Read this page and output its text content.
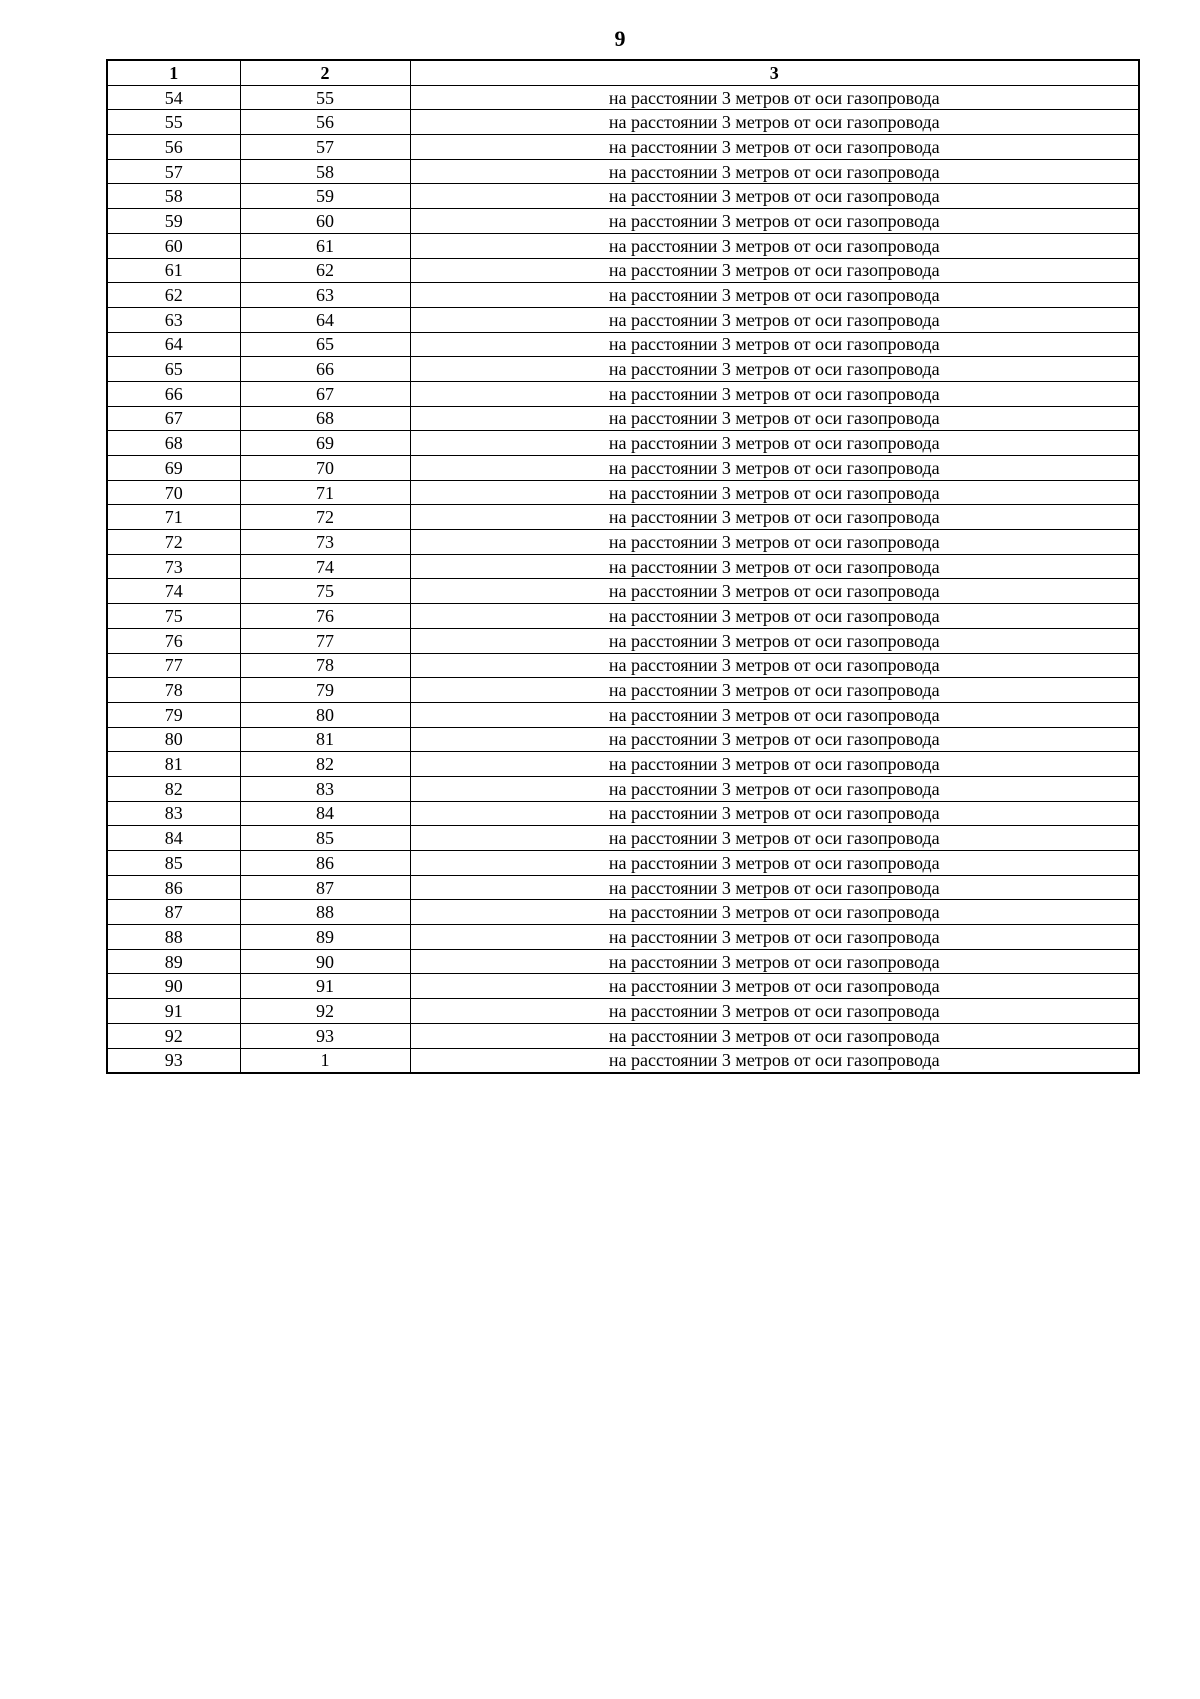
9
1	2	3
54	55	на расстоянии 3 метров от оси газопровода
55	56	на расстоянии 3 метров от оси газопровода
56	57	на расстоянии 3 метров от оси газопровода
57	58	на расстоянии 3 метров от оси газопровода
58	59	на расстоянии 3 метров от оси газопровода
59	60	на расстоянии 3 метров от оси газопровода
60	61	на расстоянии 3 метров от оси газопровода
61	62	на расстоянии 3 метров от оси газопровода
62	63	на расстоянии 3 метров от оси газопровода
63	64	на расстоянии 3 метров от оси газопровода
64	65	на расстоянии 3 метров от оси газопровода
65	66	на расстоянии 3 метров от оси газопровода
66	67	на расстоянии 3 метров от оси газопровода
67	68	на расстоянии 3 метров от оси газопровода
68	69	на расстоянии 3 метров от оси газопровода
69	70	на расстоянии 3 метров от оси газопровода
70	71	на расстоянии 3 метров от оси газопровода
71	72	на расстоянии 3 метров от оси газопровода
72	73	на расстоянии 3 метров от оси газопровода
73	74	на расстоянии 3 метров от оси газопровода
74	75	на расстоянии 3 метров от оси газопровода
75	76	на расстоянии 3 метров от оси газопровода
76	77	на расстоянии 3 метров от оси газопровода
77	78	на расстоянии 3 метров от оси газопровода
78	79	на расстоянии 3 метров от оси газопровода
79	80	на расстоянии 3 метров от оси газопровода
80	81	на расстоянии 3 метров от оси газопровода
81	82	на расстоянии 3 метров от оси газопровода
82	83	на расстоянии 3 метров от оси газопровода
83	84	на расстоянии 3 метров от оси газопровода
84	85	на расстоянии 3 метров от оси газопровода
85	86	на расстоянии 3 метров от оси газопровода
86	87	на расстоянии 3 метров от оси газопровода
87	88	на расстоянии 3 метров от оси газопровода
88	89	на расстоянии 3 метров от оси газопровода
89	90	на расстоянии 3 метров от оси газопровода
90	91	на расстоянии 3 метров от оси газопровода
91	92	на расстоянии 3 метров от оси газопровода
92	93	на расстоянии 3 метров от оси газопровода
93	1	на расстоянии 3 метров от оси газопровода
